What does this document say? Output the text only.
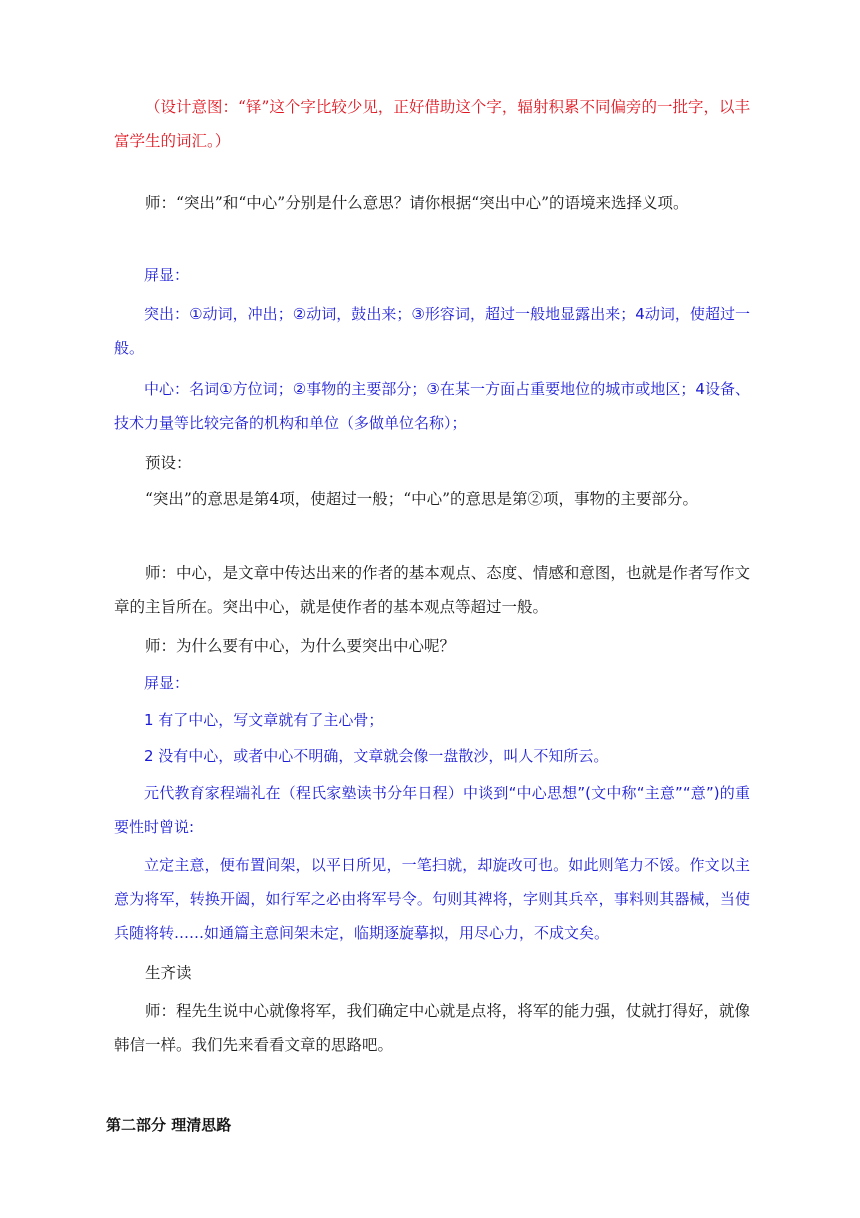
（设计意图：“铎”这个字比较少见，正好借助这个字，辐射积累不同偏旁的一批字，以丰富学生的词汇。）

师：“突出”和“中心”分别是什么意思？请你根据“突出中心”的语境来选择义项。

屏显：

突出：①动词，冲出；②动词，鼓出来；③形容词，超过一般地显露出来；4动词，使超过一般。

中心：名词①方位词；②事物的主要部分；③在某一方面占重要地位的城市或地区；4设备、技术力量等比较完备的机构和单位（多做单位名称）；

预设：

“突出”的意思是第4项，使超过一般；“中心”的意思是第②项，事物的主要部分。

师：中心，是文章中传达出来的作者的基本观点、态度、情感和意图，也就是作者写作文章的主旨所在。突出中心，就是使作者的基本观点等超过一般。

师：为什么要有中心，为什么要突出中心呢？

屏显：

1 有了中心，写文章就有了主心骨；

2 没有中心，或者中心不明确，文章就会像一盘散沙，叫人不知所云。

元代教育家程端礼在（程氏家塾读书分年日程）中谈到“中心思想”(文中称“主意”“意”)的重要性时曾说:

立定主意，便布置间架，以平日所见，一笔扫就，却旋改可也。如此则笔力不馁。作文以主意为将军，转换开阖，如行军之必由将军号令。句则其裨将，字则其兵卒，事料则其器械，当使兵随将转……如通篇主意间架未定，临期逐旋摹拟，用尽心力，不成文矣。

生齐读

师：程先生说中心就像将军，我们确定中心就是点将，将军的能力强，仗就打得好，就像韩信一样。我们先来看看文章的思路吧。

第二部分 理清思路
